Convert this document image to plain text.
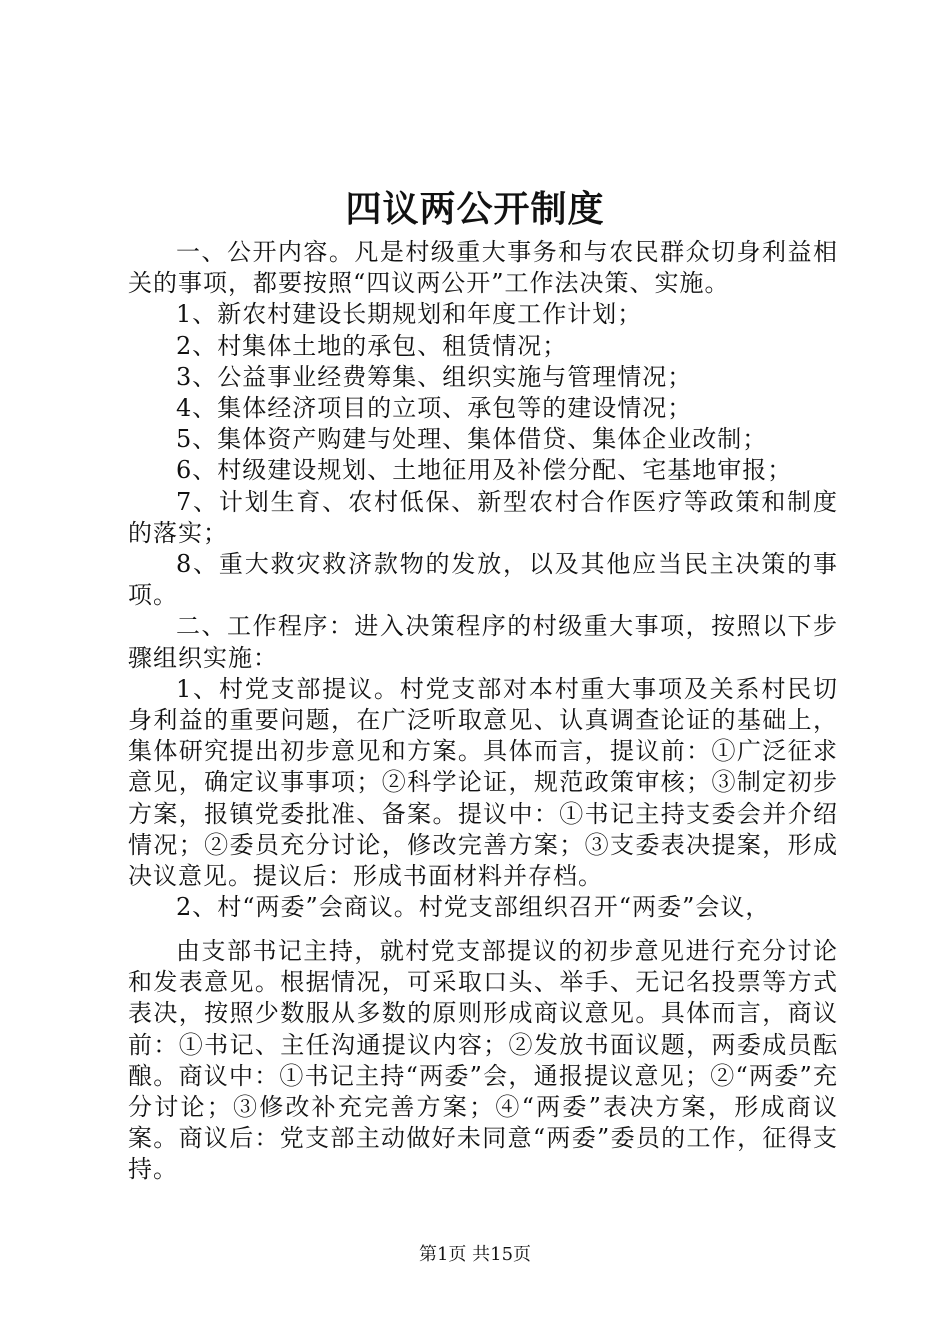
四议两公开制度

一、公开内容。凡是村级重大事务和与农民群众切身利益相关的事项，都要按照“四议两公开”工作法决策、实施。

1、新农村建设长期规划和年度工作计划；

2、村集体土地的承包、租赁情况；

3、公益事业经费筹集、组织实施与管理情况；

4、集体经济项目的立项、承包等的建设情况；

5、集体资产购建与处理、集体借贷、集体企业改制；

6、村级建设规划、土地征用及补偿分配、宅基地审报；

7、计划生育、农村低保、新型农村合作医疗等政策和制度的落实；

8、重大救灾救济款物的发放，以及其他应当民主决策的事项。

二、工作程序：进入决策程序的村级重大事项，按照以下步骤组织实施：

1、村党支部提议。村党支部对本村重大事项及关系村民切身利益的重要问题，在广泛听取意见、认真调查论证的基础上，集体研究提出初步意见和方案。具体而言，提议前：①广泛征求意见，确定议事事项；②科学论证，规范政策审核；③制定初步方案，报镇党委批准、备案。提议中：①书记主持支委会并介绍情况；②委员充分讨论，修改完善方案；③支委表决提案，形成决议意见。提议后：形成书面材料并存档。

2、村“两委”会商议。村党支部组织召开“两委”会议，

由支部书记主持，就村党支部提议的初步意见进行充分讨论和发表意见。根据情况，可采取口头、举手、无记名投票等方式表决，按照少数服从多数的原则形成商议意见。具体而言，商议前：①书记、主任沟通提议内容；②发放书面议题，两委成员酝酿。商议中：①书记主持“两委”会，通报提议意见；②“两委”充分讨论；③修改补充完善方案；④“两委”表决方案，形成商议案。商议后：党支部主动做好未同意“两委”委员的工作，征得支持。

第1页 共15页
